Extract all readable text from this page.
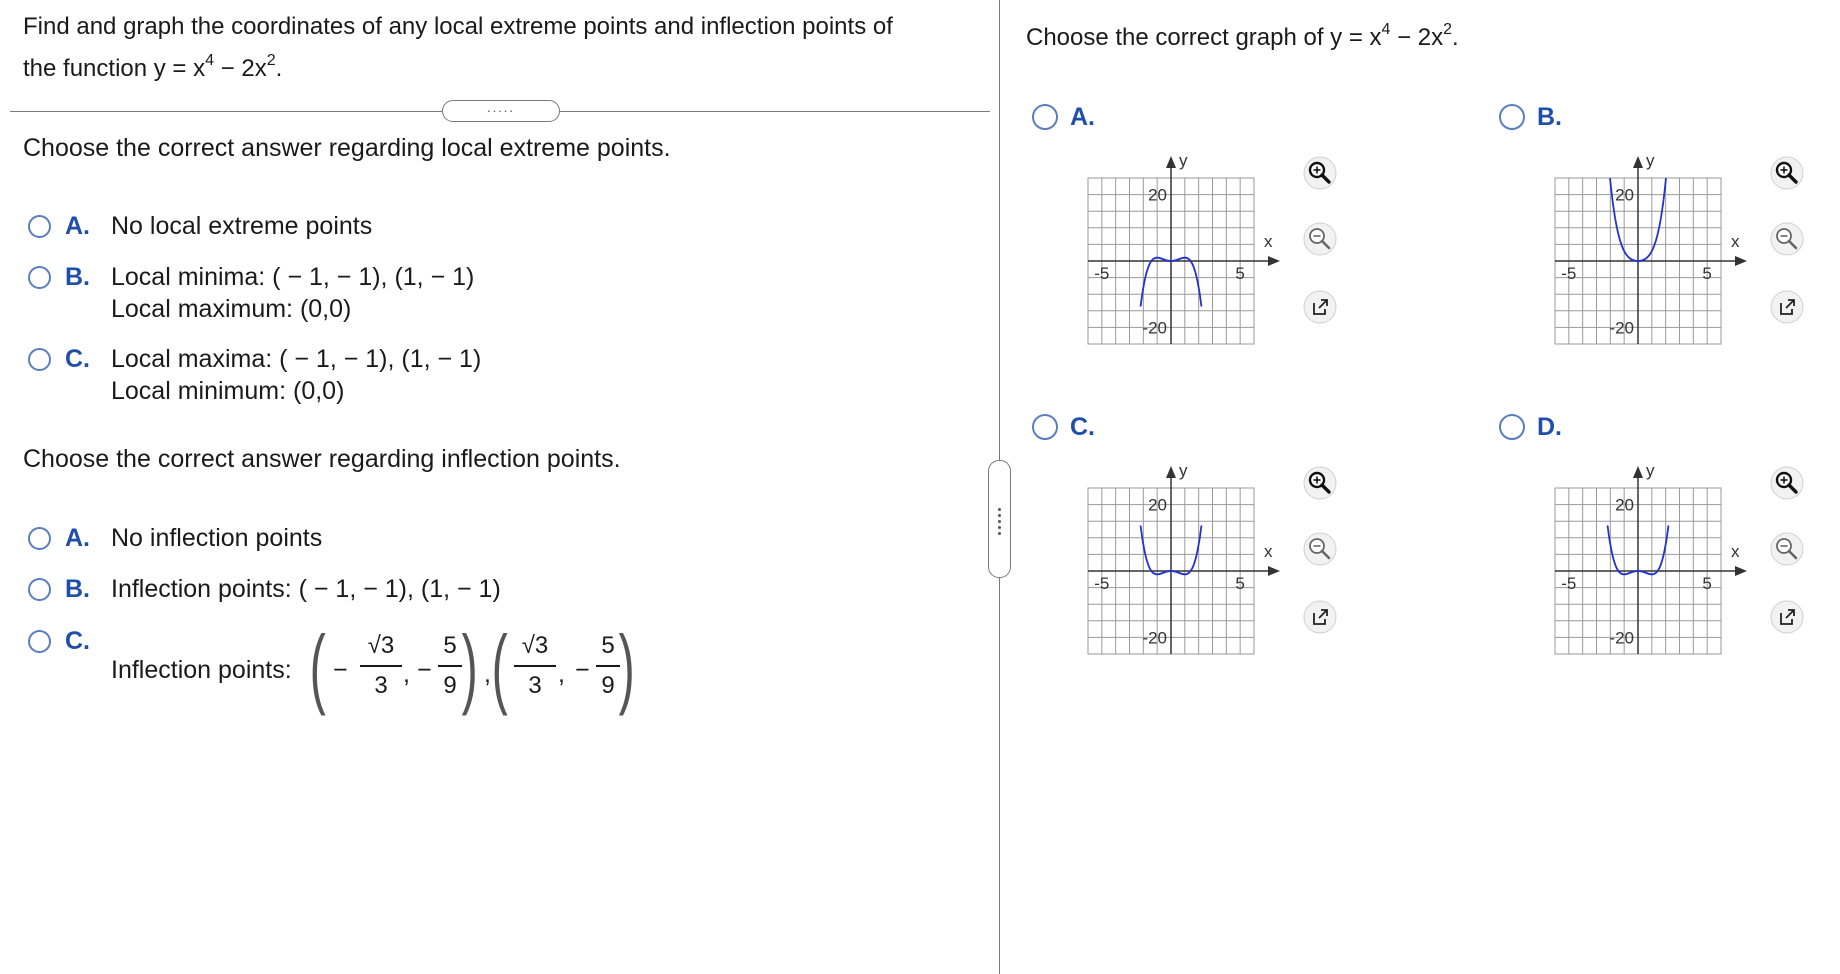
Find and graph the coordinates of any local extreme points and inflection points of
the function $y = x^4 - 2x^2$.
.....
Choose the correct answer regarding local extreme points.
A. No local extreme points
B. Local minima: ( − 1, − 1), (1, − 1)
Local maximum: (0,0)
C. Local maxima: ( − 1, − 1), (1, − 1)
Local minimum: (0,0)
Choose the correct answer regarding inflection points.
A. No inflection points
B. Inflection points: ( − 1, − 1), (1, − 1)
C.
Inflection points: ( −
√3
3 , −
5
9 ) , ( √3
3 , −
5
9 )
Choose the correct graph of $y = x^4 - 2x^2$.
A.
y
x
20
-20
-5	5
B.
y
x
20
-20
-5	5
C.
y
x
20
-20
-5	5
D.
y
x
20
-20
-5	5
